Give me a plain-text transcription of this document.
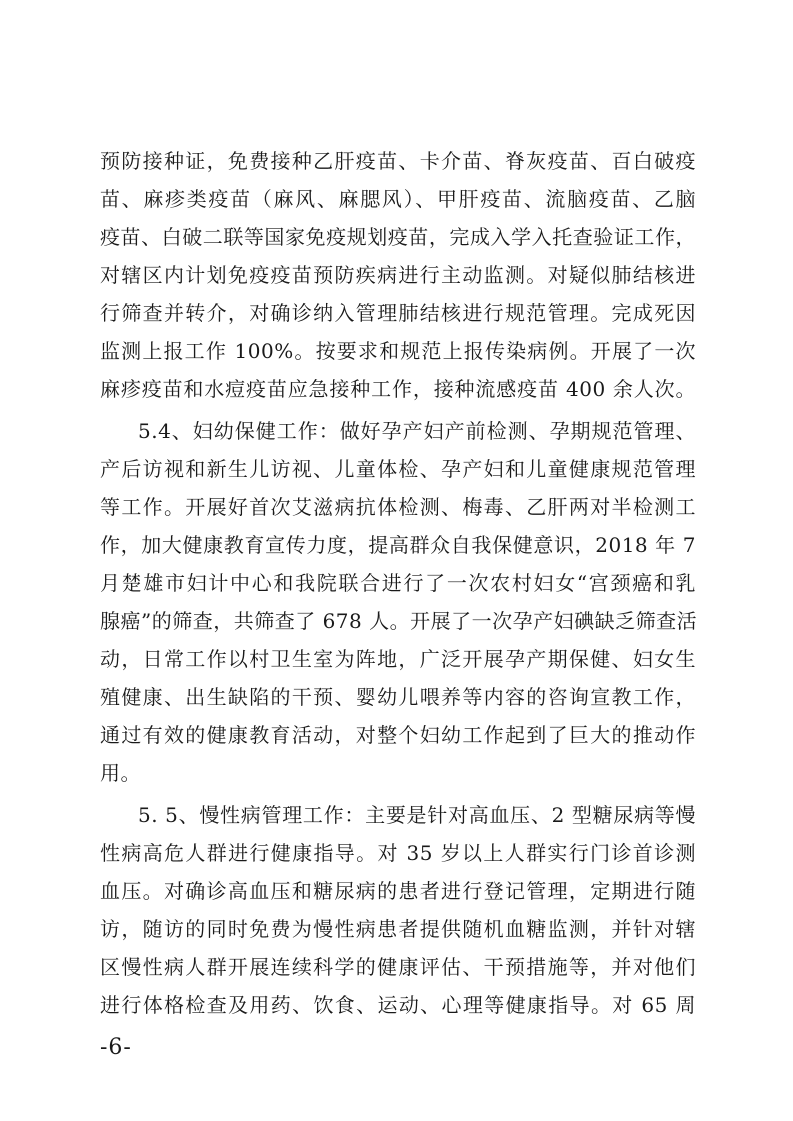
预防接种证，免费接种乙肝疫苗、卡介苗、脊灰疫苗、百白破疫
苗、麻疹类疫苗（麻风、麻腮风）、甲肝疫苗、流脑疫苗、乙脑
疫苗、白破二联等国家免疫规划疫苗，完成入学入托查验证工作，
对辖区内计划免疫疫苗预防疾病进行主动监测。对疑似肺结核进
行筛查并转介，对确诊纳入管理肺结核进行规范管理。完成死因
监测上报工作 100%。按要求和规范上报传染病例。开展了一次
麻疹疫苗和水痘疫苗应急接种工作，接种流感疫苗 400 余人次。
5.4、妇幼保健工作：做好孕产妇产前检测、孕期规范管理、
产后访视和新生儿访视、儿童体检、孕产妇和儿童健康规范管理
等工作。开展好首次艾滋病抗体检测、梅毒、乙肝两对半检测工
作，加大健康教育宣传力度，提高群众自我保健意识，2018 年 7
月楚雄市妇计中心和我院联合进行了一次农村妇女“宫颈癌和乳
腺癌”的筛查，共筛查了 678 人。开展了一次孕产妇碘缺乏筛查活
动，日常工作以村卫生室为阵地，广泛开展孕产期保健、妇女生
殖健康、出生缺陷的干预、婴幼儿喂养等内容的咨询宣教工作，
通过有效的健康教育活动，对整个妇幼工作起到了巨大的推动作
用。
5. 5、慢性病管理工作：主要是针对高血压、2 型糖尿病等慢
性病高危人群进行健康指导。对 35 岁以上人群实行门诊首诊测
血压。对确诊高血压和糖尿病的患者进行登记管理，定期进行随
访，随访的同时免费为慢性病患者提供随机血糖监测，并针对辖
区慢性病人群开展连续科学的健康评估、干预措施等，并对他们
进行体格检查及用药、饮食、运动、心理等健康指导。对 65 周
-6-
